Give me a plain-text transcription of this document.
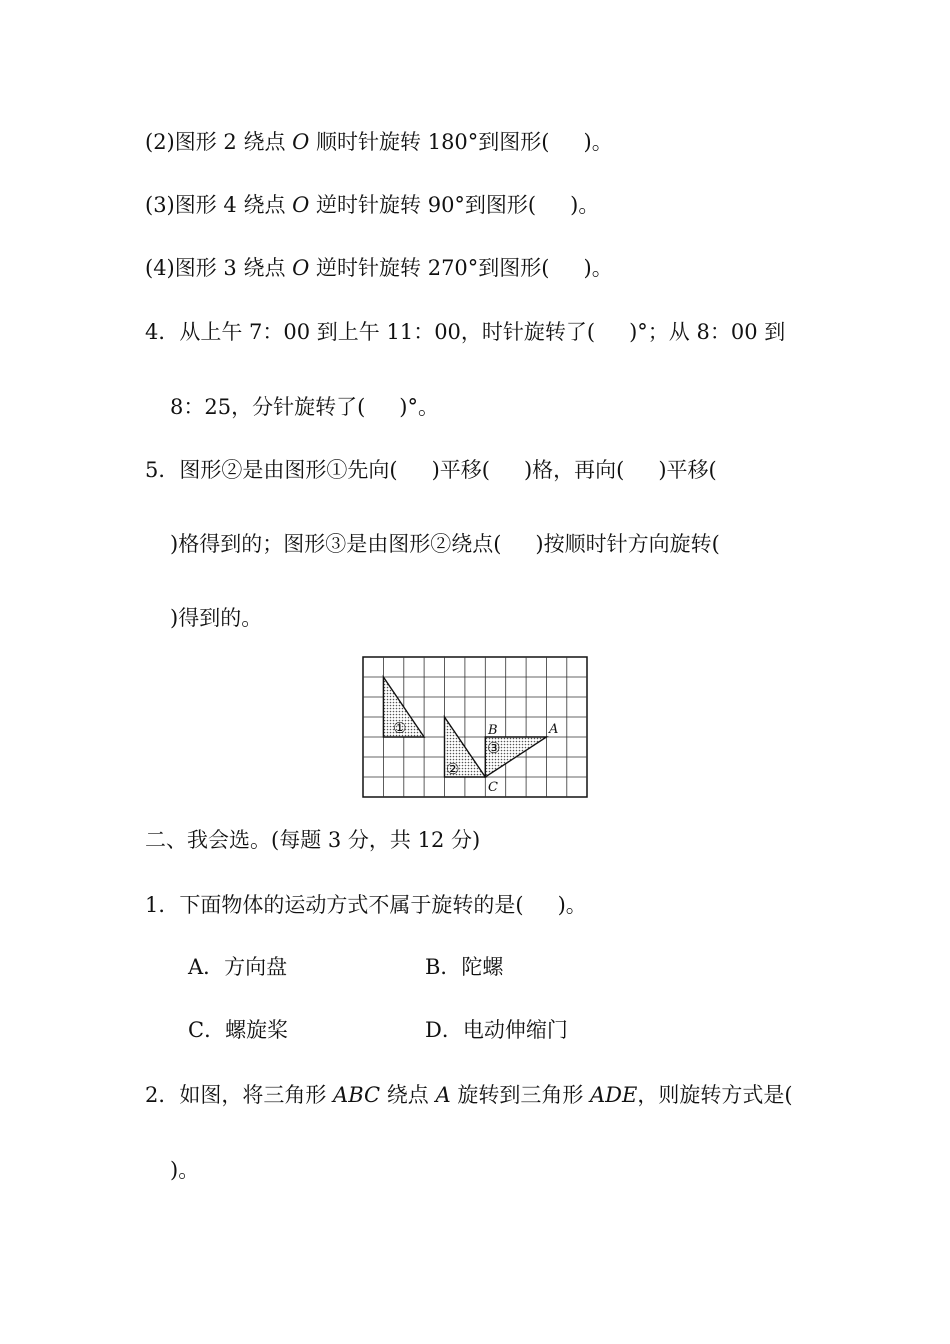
(2)图形 2 绕点 O 顺时针旋转 180°到图形( )。
(3)图形 4 绕点 O 逆时针旋转 90°到图形( )。
(4)图形 3 绕点 O 逆时针旋转 270°到图形( )。
4．从上午 7：00 到上午 11：00，时针旋转了( )°；从 8：00 到
8：25，分针旋转了( )°。
5．图形②是由图形①先向( )平移( )格，再向( )平移(
)格得到的；图形③是由图形②绕点( )按顺时针方向旋转(
)得到的。
①
②
③
B	A
C
二、我会选。(每题 3 分，共 12 分)
1．下面物体的运动方式不属于旋转的是( )。
A．方向盘	B．陀螺
C．螺旋桨	D．电动伸缩门
2．如图，将三角形 ABC 绕点 A 旋转到三角形 ADE，则旋转方式是(
)。
